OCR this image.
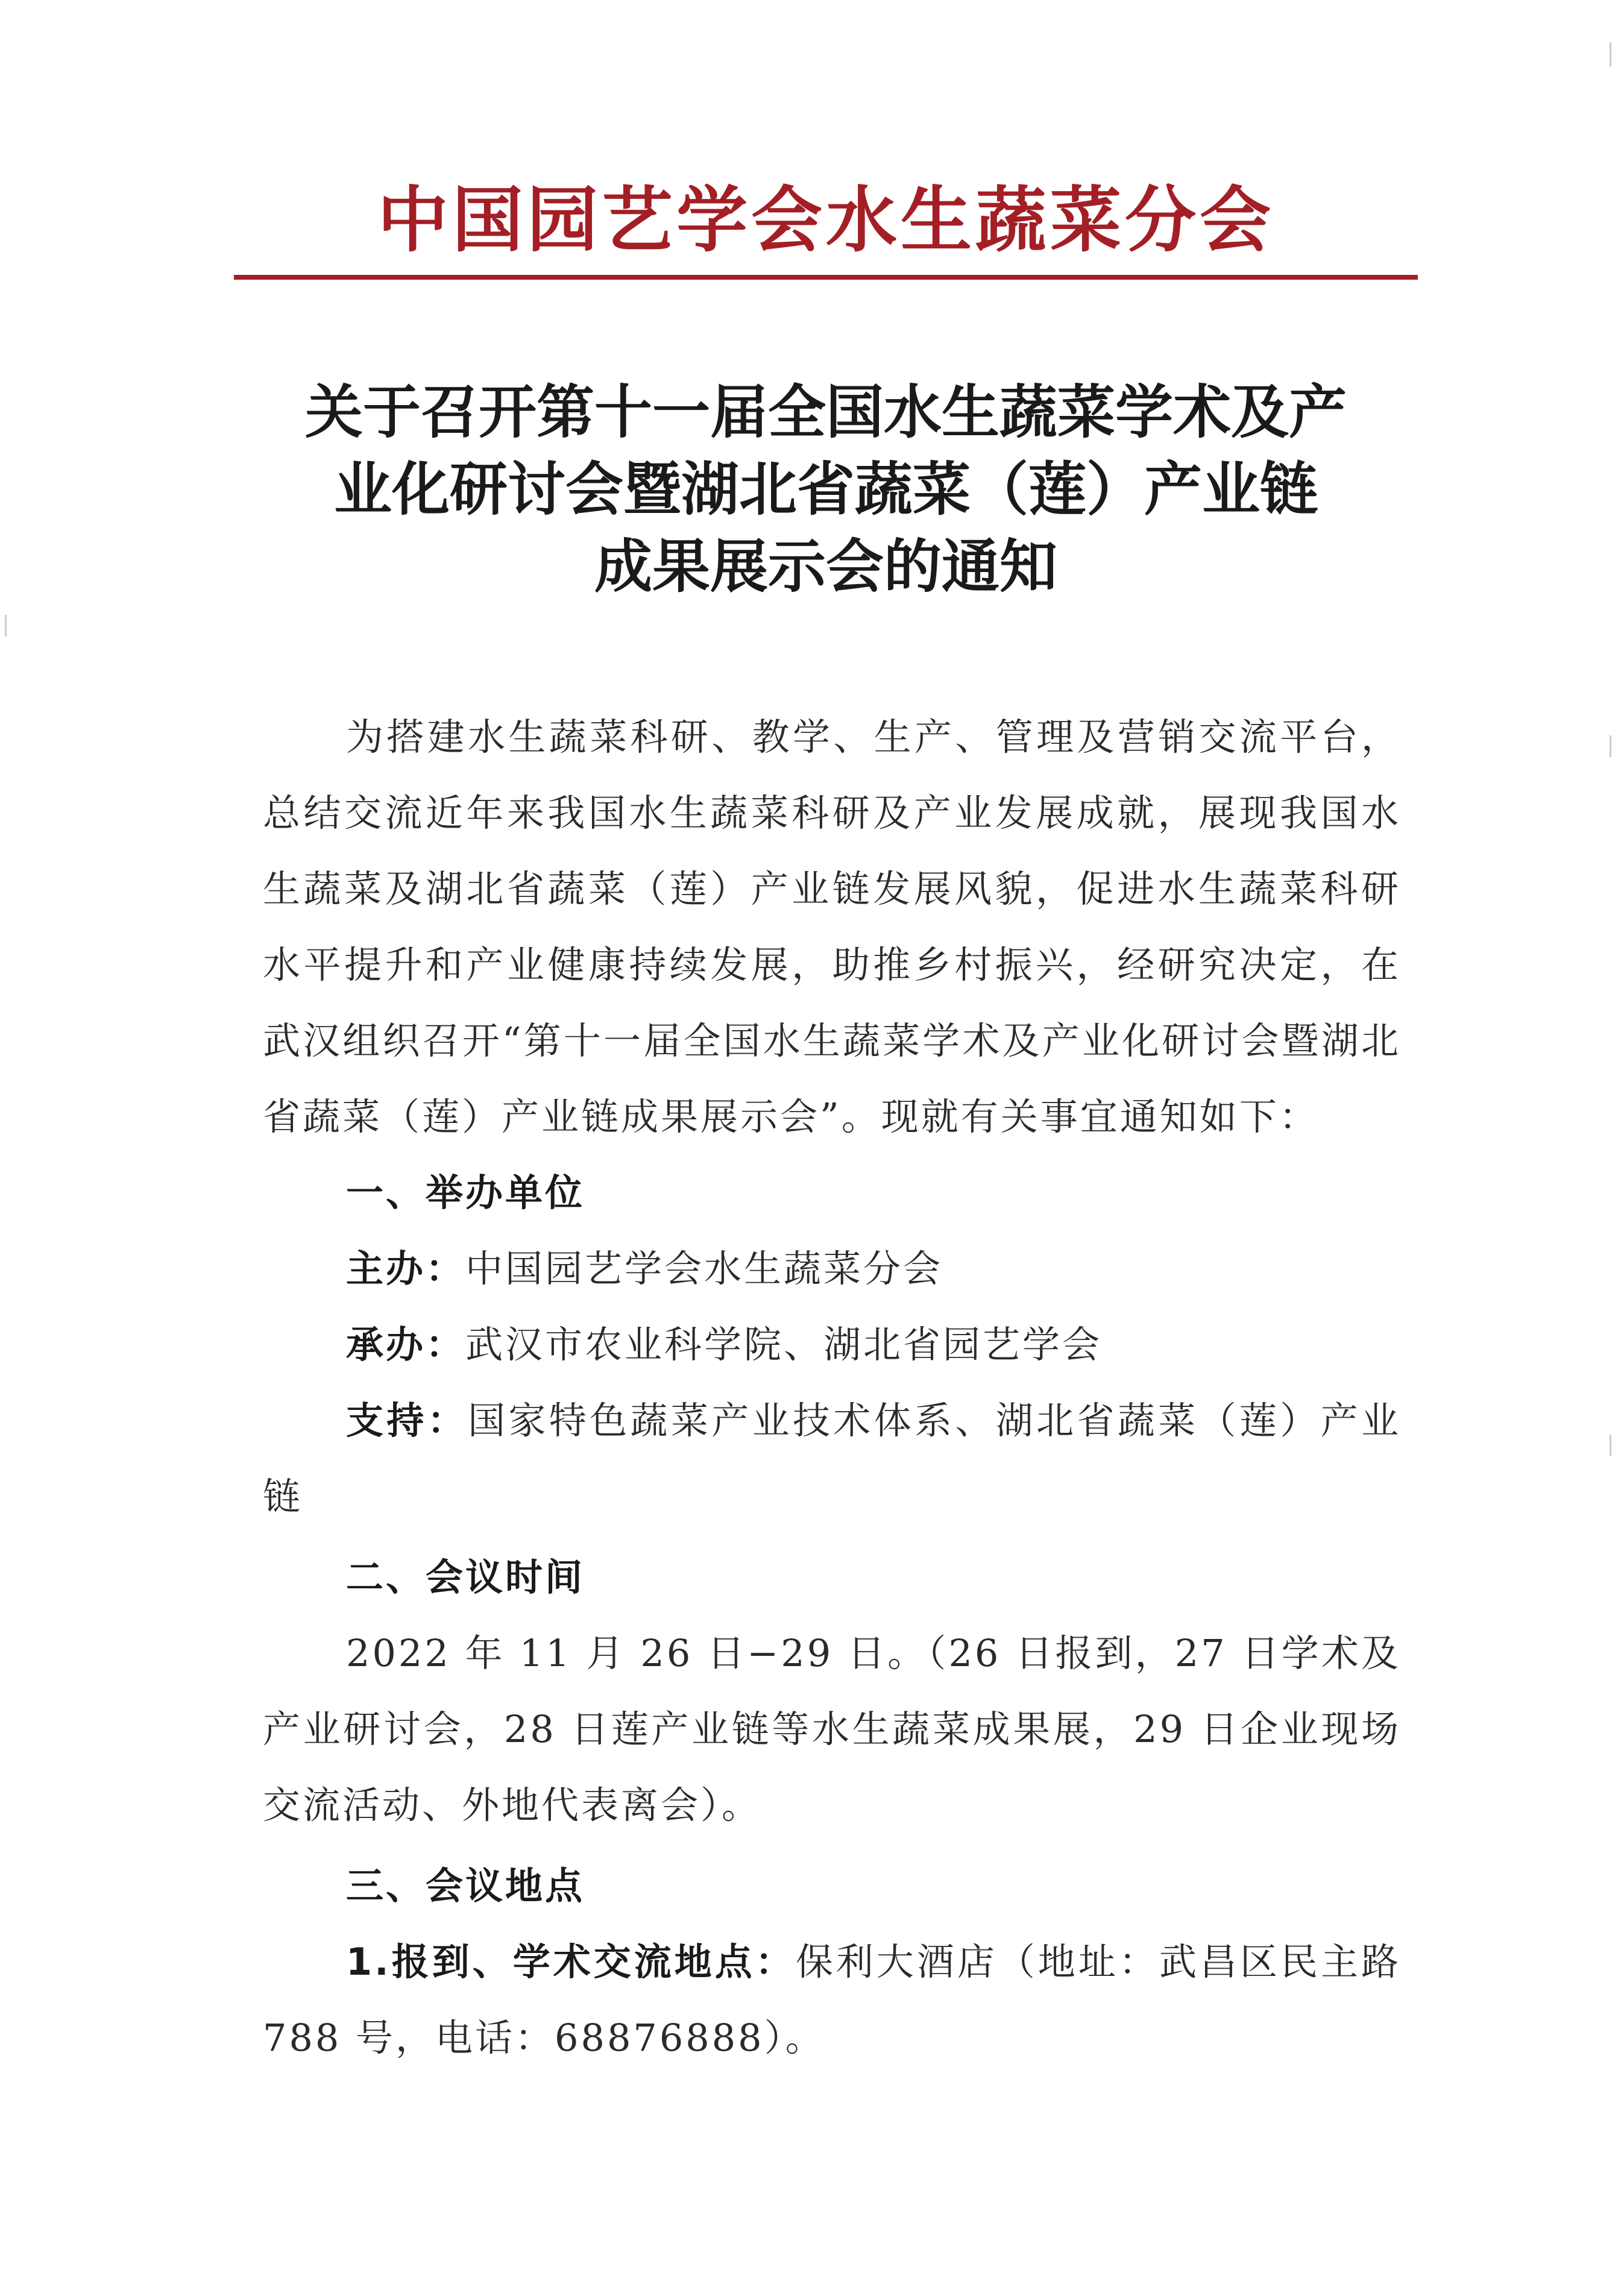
中国园艺学会水生蔬菜分会
关于召开第十一届全国水生蔬菜学术及产
业化研讨会暨湖北省蔬菜（莲）产业链
成果展示会的通知

为搭建水生蔬菜科研、教学、生产、管理及营销交流平台，总结交流近年来我国水生蔬菜科研及产业发展成就，展现我国水生蔬菜及湖北省蔬菜（莲）产业链发展风貌，促进水生蔬菜科研水平提升和产业健康持续发展，助推乡村振兴，经研究决定，在武汉组织召开“第十一届全国水生蔬菜学术及产业化研讨会暨湖北省蔬菜（莲）产业链成果展示会”。现就有关事宜通知如下：

一、举办单位

主办：中国园艺学会水生蔬菜分会

承办：武汉市农业科学院、湖北省园艺学会

支持：国家特色蔬菜产业技术体系、湖北省蔬菜（莲）产业链

二、会议时间

2022 年 11 月 26 日−29 日。（26 日报到，27 日学术及产业研讨会，28 日莲产业链等水生蔬菜成果展，29 日企业现场交流活动、外地代表离会）。

三、会议地点

1.报到、学术交流地点：保利大酒店（地址：武昌区民主路 788 号，电话：68876888）。
